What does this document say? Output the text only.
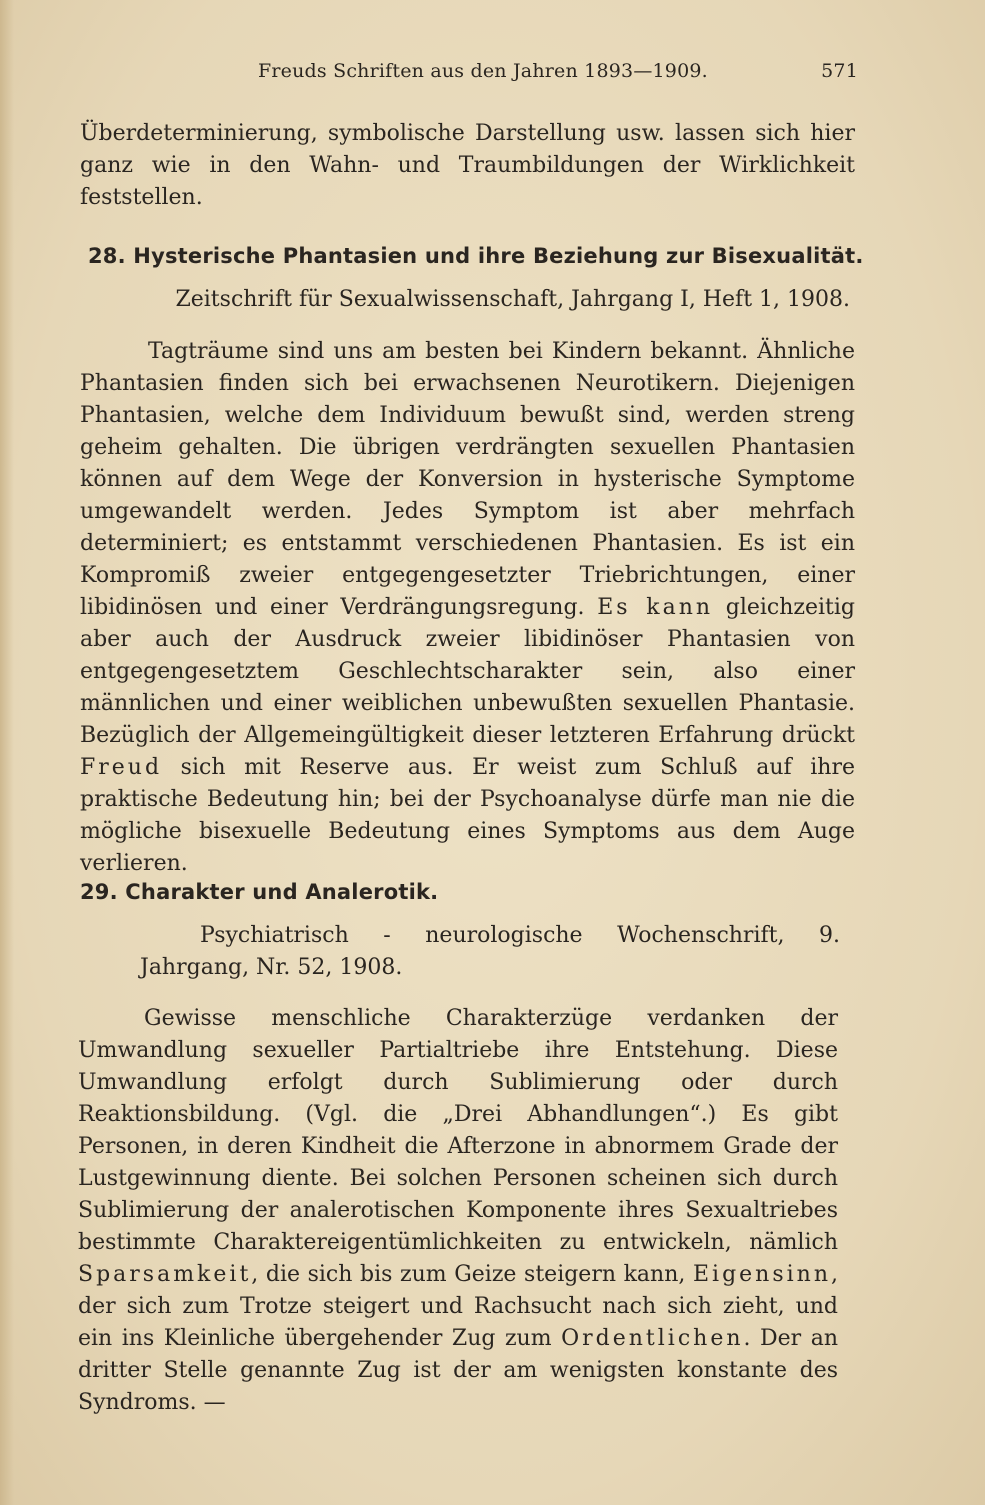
Freuds Schriften aus den Jahren 1893—1909.	571

Überdeterminierung, symbolische Darstellung usw. lassen sich hier ganz wie in den Wahn- und Traumbildungen der Wirklichkeit feststellen.

28. Hysterische Phantasien und ihre Beziehung zur Bisexualität.
Zeitschrift für Sexualwissenschaft, Jahrgang I, Heft 1, 1908.

Tagträume sind uns am besten bei Kindern bekannt. Ähnliche Phantasien finden sich bei erwachsenen Neurotikern. Diejenigen Phantasien, welche dem Individuum bewußt sind, werden streng geheim gehalten. Die übrigen verdrängten sexuellen Phantasien können auf dem Wege der Konversion in hysterische Symptome umgewandelt werden. Jedes Symptom ist aber mehrfach determiniert; es entstammt verschiedenen Phantasien. Es ist ein Kompromiß zweier entgegengesetzter Triebrichtungen, einer libidinösen und einer Verdrängungsregung. Es kann gleichzeitig aber auch der Ausdruck zweier libidinöser Phantasien von entgegengesetztem Geschlechtscharakter sein, also einer männlichen und einer weiblichen unbewußten sexuellen Phantasie. Bezüglich der Allgemeingültigkeit dieser letzteren Erfahrung drückt Freud sich mit Reserve aus. Er weist zum Schluß auf ihre praktische Bedeutung hin; bei der Psychoanalyse dürfe man nie die mögliche bisexuelle Bedeutung eines Symptoms aus dem Auge verlieren.

29. Charakter und Analerotik.
Psychiatrisch - neurologische Wochenschrift, 9. Jahrgang, Nr. 52, 1908.

Gewisse menschliche Charakterzüge verdanken der Umwandlung sexueller Partialtriebe ihre Entstehung. Diese Umwandlung erfolgt durch Sublimierung oder durch Reaktionsbildung. (Vgl. die „Drei Abhandlungen“.) Es gibt Personen, in deren Kindheit die Afterzone in abnormem Grade der Lustgewinnung diente. Bei solchen Personen scheinen sich durch Sublimierung der analerotischen Komponente ihres Sexualtriebes bestimmte Charaktereigentümlichkeiten zu entwickeln, nämlich Sparsamkeit, die sich bis zum Geize steigern kann, Eigensinn, der sich zum Trotze steigert und Rachsucht nach sich zieht, und ein ins Kleinliche übergehender Zug zum Ordentlichen. Der an dritter Stelle genannte Zug ist der am wenigsten konstante des Syndroms. —
